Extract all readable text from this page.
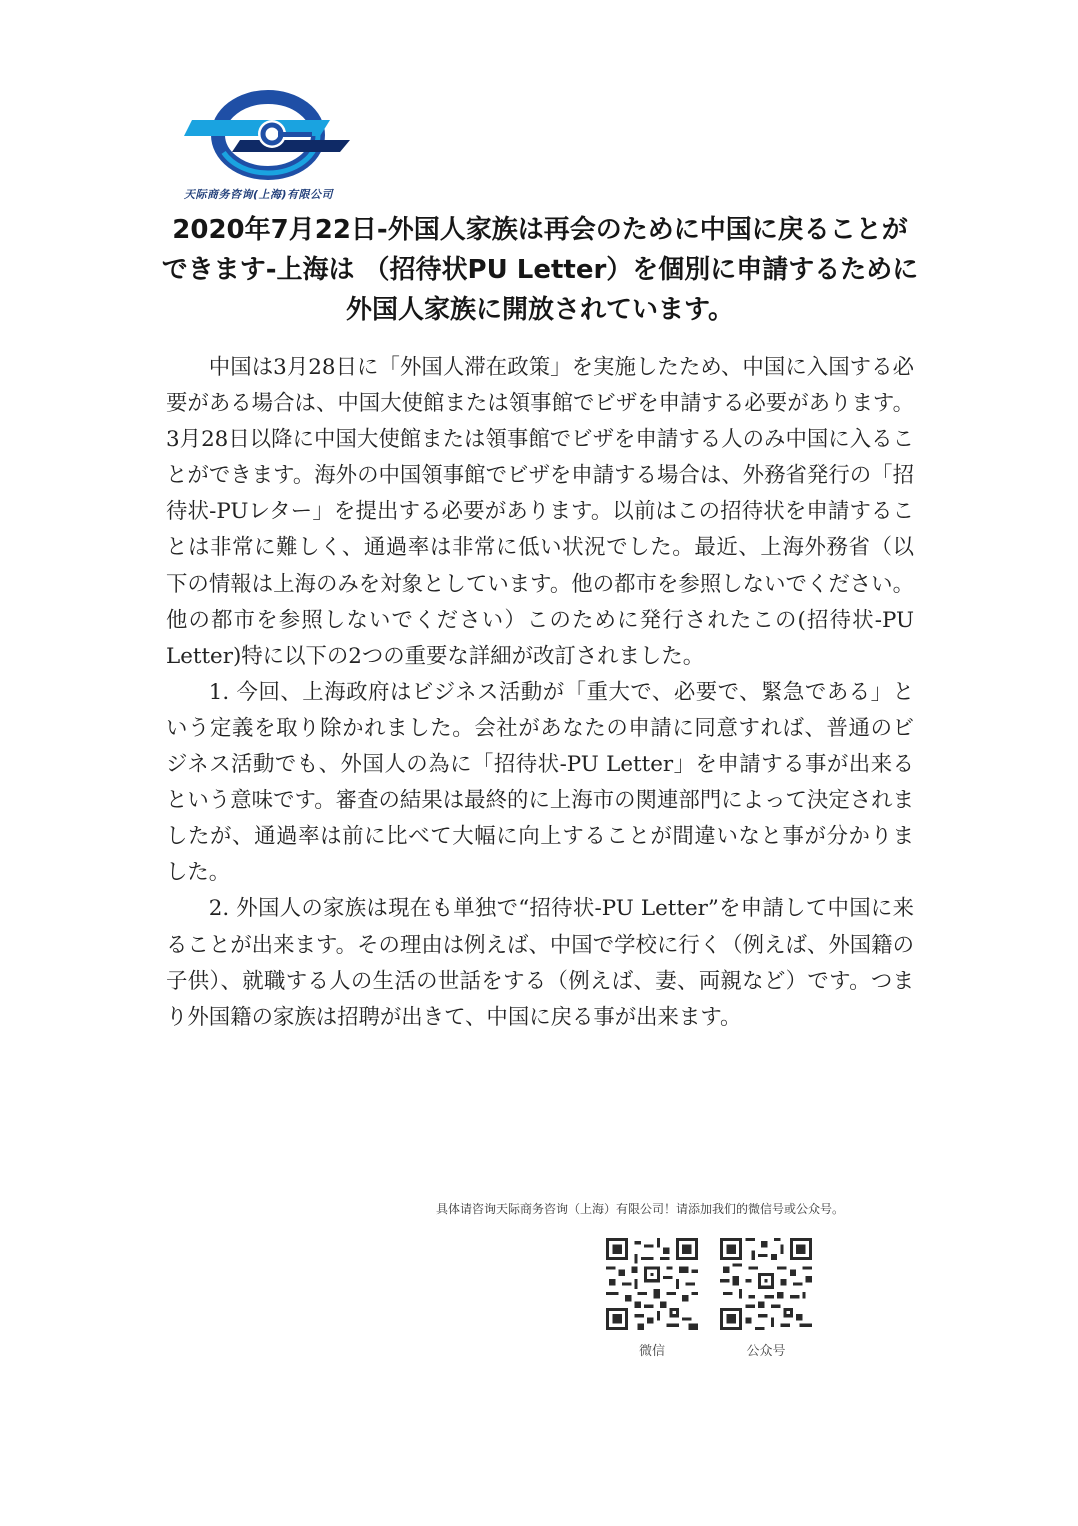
天际商务咨询(上海)有限公司
2020年7月22日-外国人家族は再会のために中国に戻ることができます-上海は （招待状PU Letter）を個別に申請するために外国人家族に開放されています。

中国は3月28日に「外国人滞在政策」を実施したため、中国に入国する必要がある場合は、中国大使館または領事館でビザを申請する必要があります。3月28日以降に中国大使館または領事館でビザを申請する人のみ中国に入ることができます。海外の中国領事館でビザを申請する場合は、外務省発行の「招待状-PUレター」を提出する必要があります。以前はこの招待状を申請することは非常に難しく、通過率は非常に低い状況でした。最近、上海外務省（以下の情報は上海のみを対象としています。他の都市を参照しないでください。他の都市を参照しないでください）このために発行されたこの(招待状-PU Letter)特に以下の2つの重要な詳細が改訂されました。

1. 今回、上海政府はビジネス活動が「重大で、必要で、緊急である」という定義を取り除かれました。会社があなたの申請に同意すれば、普通のビジネス活動でも、外国人の為に「招待状-PU Letter」を申請する事が出来るという意味です。審査の結果は最終的に上海市の関連部門によって決定されましたが、通過率は前に比べて大幅に向上することが間違いなと事が分かりました。

2. 外国人の家族は現在も単独で“招待状-PU Letter”を申請して中国に来ることが出来ます。その理由は例えば、中国で学校に行く（例えば、外国籍の子供）、就職する人の生活の世話をする（例えば、妻、両親など）です。つまり外国籍の家族は招聘が出きて、中国に戻る事が出来ます。

具体请咨询天际商务咨询（上海）有限公司！请添加我们的微信号或公众号。
微信	公众号
